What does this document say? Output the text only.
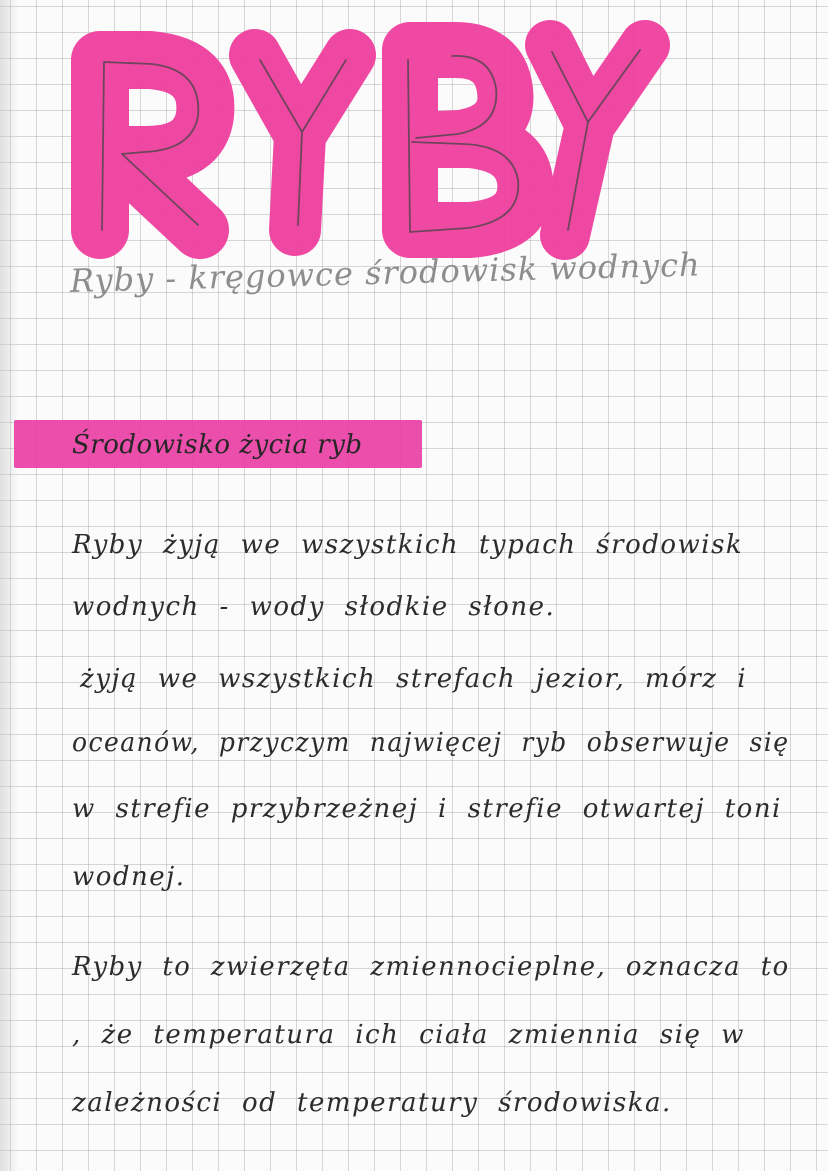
Ryby - kręgowce środowisk wodnych
Środowisko życia ryb
Ryby żyją we wszystkich typach środowisk
wodnych - wody słodkie słone.
żyją we wszystkich strefach jezior, mórz i
oceanów, przyczym najwięcej ryb obserwuje się
w strefie przybrzeżnej i strefie otwartej toni
wodnej.
Ryby to zwierzęta zmiennocieplne, oznacza to
, że temperatura ich ciała zmiennia się w
zależności od temperatury środowiska.
